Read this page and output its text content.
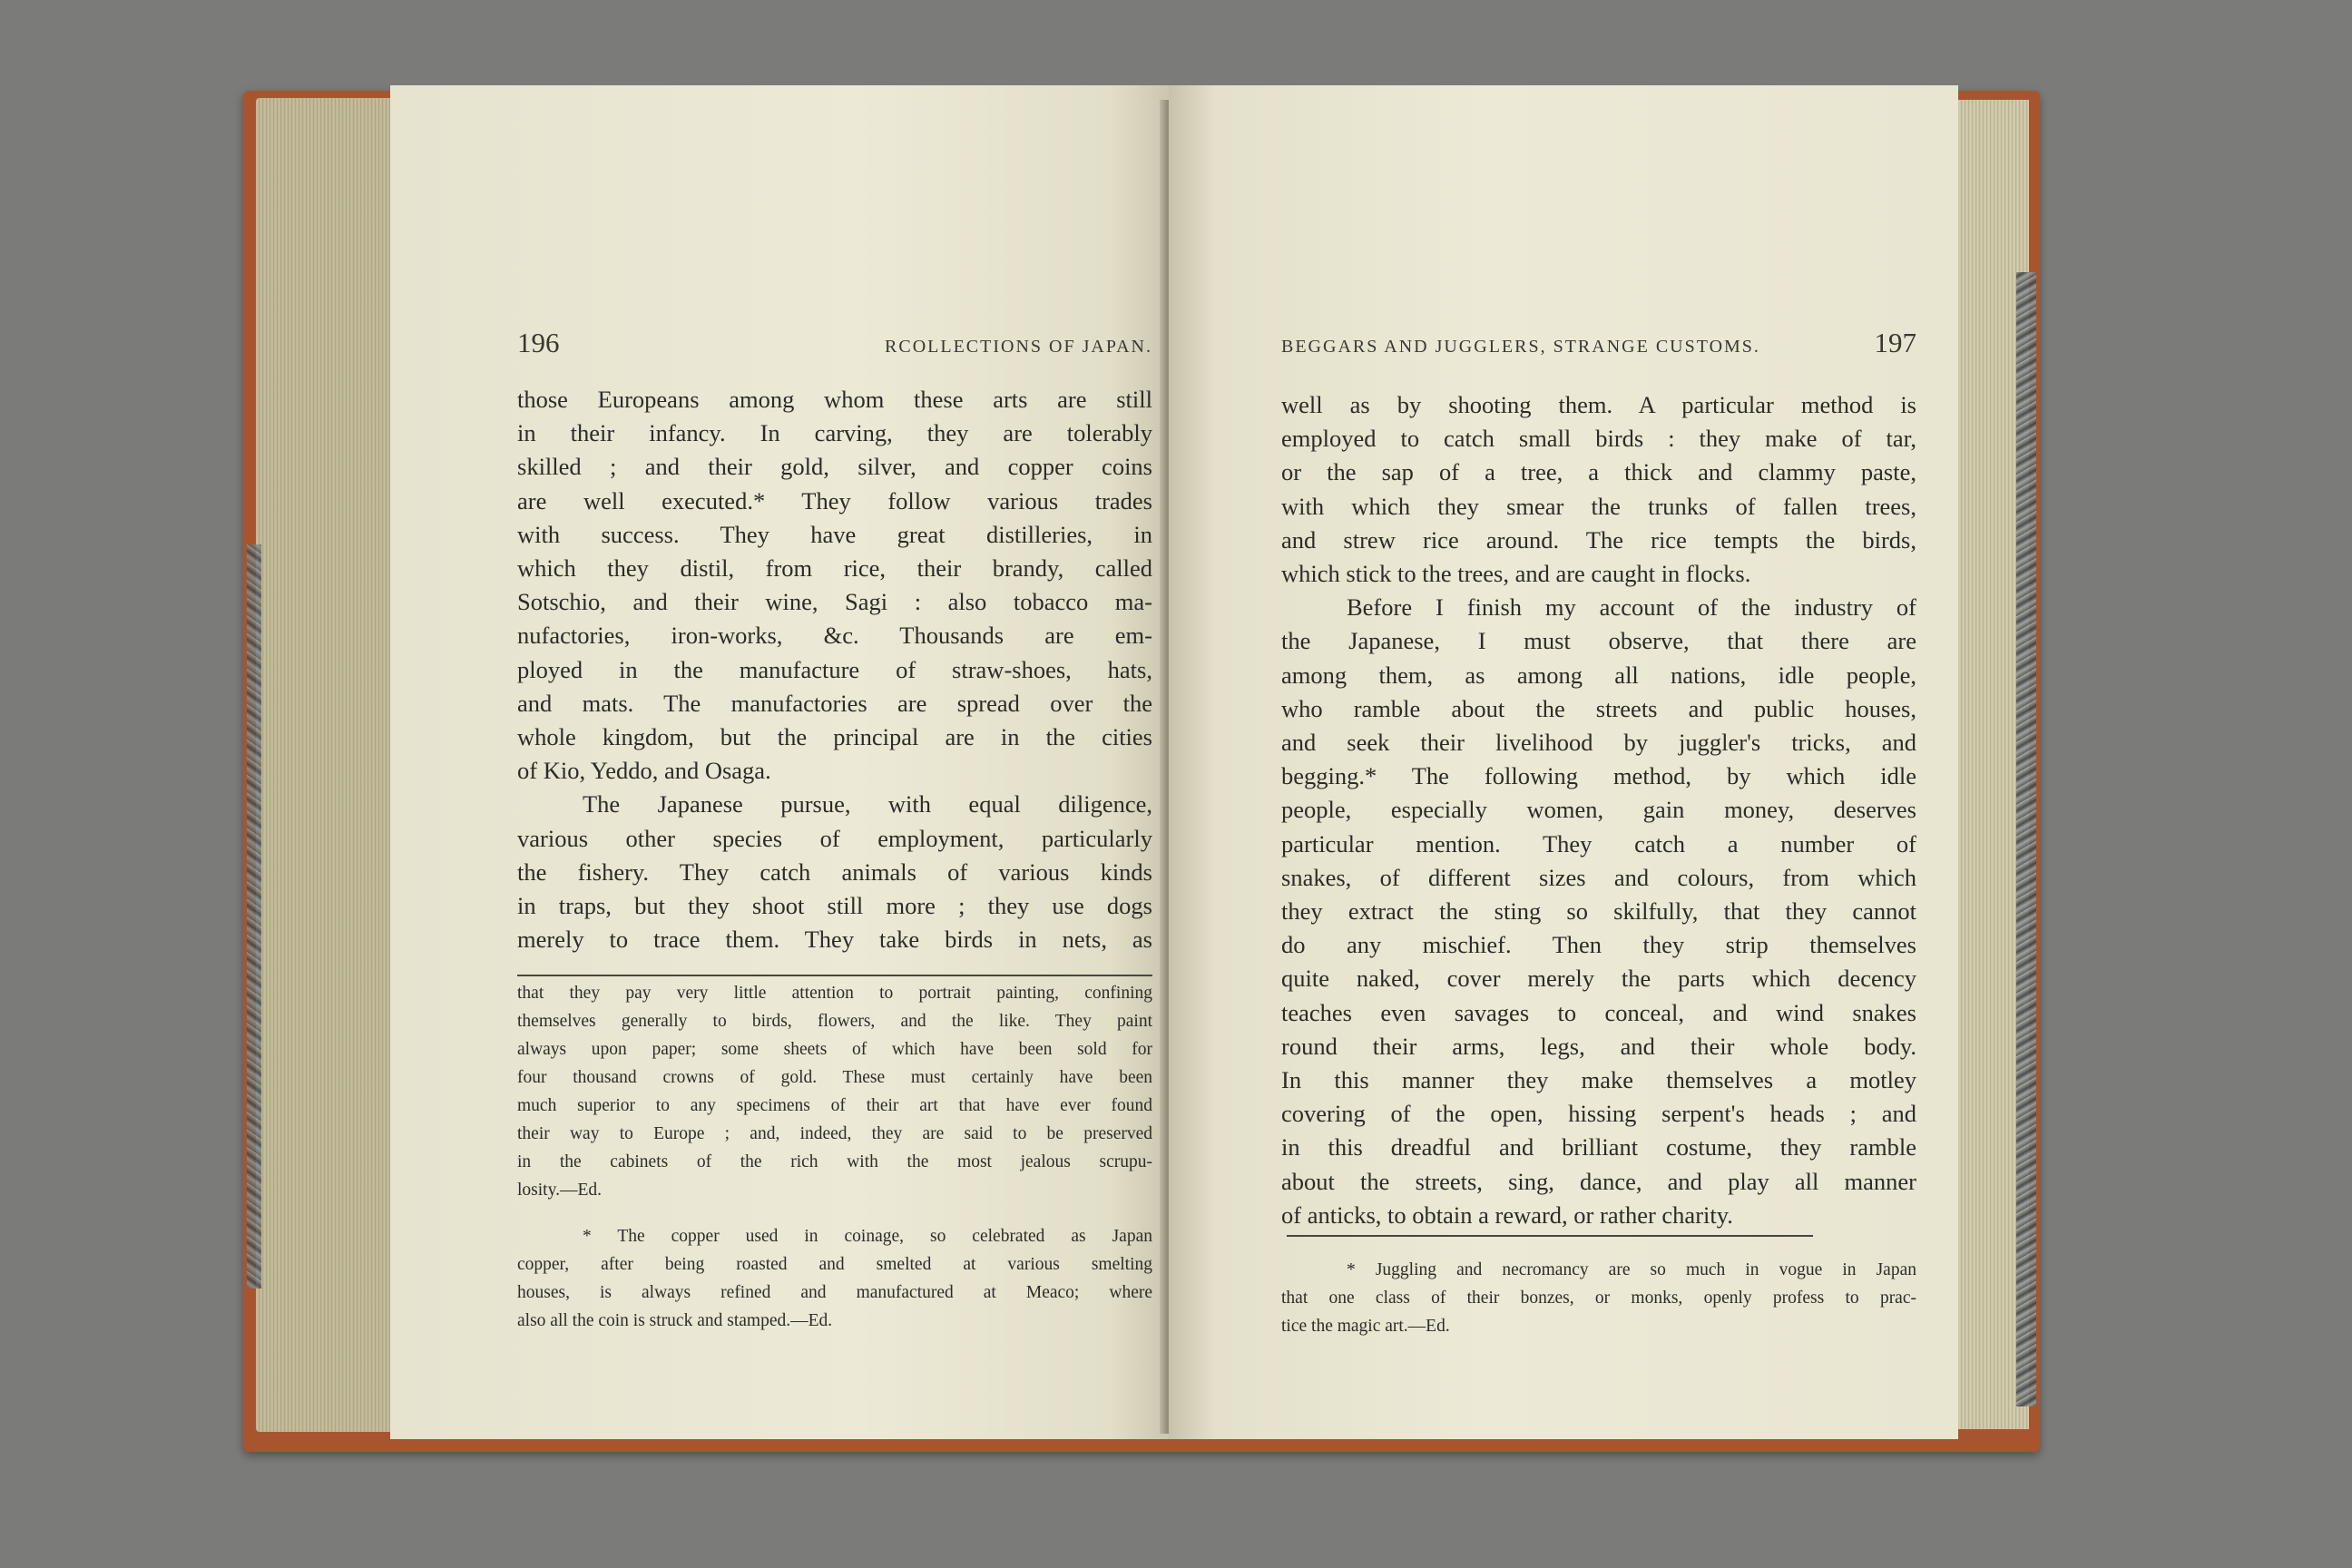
196	RCOLLECTIONS OF JAPAN.
those Europeans among whom these arts are still
in their infancy. In carving, they are tolerably
skilled ; and their gold, silver, and copper coins
are well executed.* They follow various trades
with success. They have great distilleries, in
which they distil, from rice, their brandy, called
Sotschio, and their wine, Sagi : also tobacco ma-
nufactories, iron-works, &c. Thousands are em-
ployed in the manufacture of straw-shoes, hats,
and mats. The manufactories are spread over the
whole kingdom, but the principal are in the cities
of Kio, Yeddo, and Osaga.
The Japanese pursue, with equal diligence,
various other species of employment, particularly
the fishery. They catch animals of various kinds
in traps, but they shoot still more ; they use dogs
merely to trace them. They take birds in nets, as
that they pay very little attention to portrait painting, confining
themselves generally to birds, flowers, and the like. They paint
always upon paper; some sheets of which have been sold for
four thousand crowns of gold. These must certainly have been
much superior to any specimens of their art that have ever found
their way to Europe ; and, indeed, they are said to be preserved
in the cabinets of the rich with the most jealous scrupu-
losity.—Ed.
* The copper used in coinage, so celebrated as Japan
copper, after being roasted and smelted at various smelting
houses, is always refined and manufactured at Meaco; where
also all the coin is struck and stamped.—Ed.
BEGGARS AND JUGGLERS, STRANGE CUSTOMS.	197
well as by shooting them. A particular method is
employed to catch small birds : they make of tar,
or the sap of a tree, a thick and clammy paste,
with which they smear the trunks of fallen trees,
and strew rice around. The rice tempts the birds,
which stick to the trees, and are caught in flocks.
Before I finish my account of the industry of
the Japanese, I must observe, that there are
among them, as among all nations, idle people,
who ramble about the streets and public houses,
and seek their livelihood by juggler's tricks, and
begging.* The following method, by which idle
people, especially women, gain money, deserves
particular mention. They catch a number of
snakes, of different sizes and colours, from which
they extract the sting so skilfully, that they cannot
do any mischief. Then they strip themselves
quite naked, cover merely the parts which decency
teaches even savages to conceal, and wind snakes
round their arms, legs, and their whole body.
In this manner they make themselves a motley
covering of the open, hissing serpent's heads ; and
in this dreadful and brilliant costume, they ramble
about the streets, sing, dance, and play all manner
of anticks, to obtain a reward, or rather charity.
* Juggling and necromancy are so much in vogue in Japan
that one class of their bonzes, or monks, openly profess to prac-
tice the magic art.—Ed.
